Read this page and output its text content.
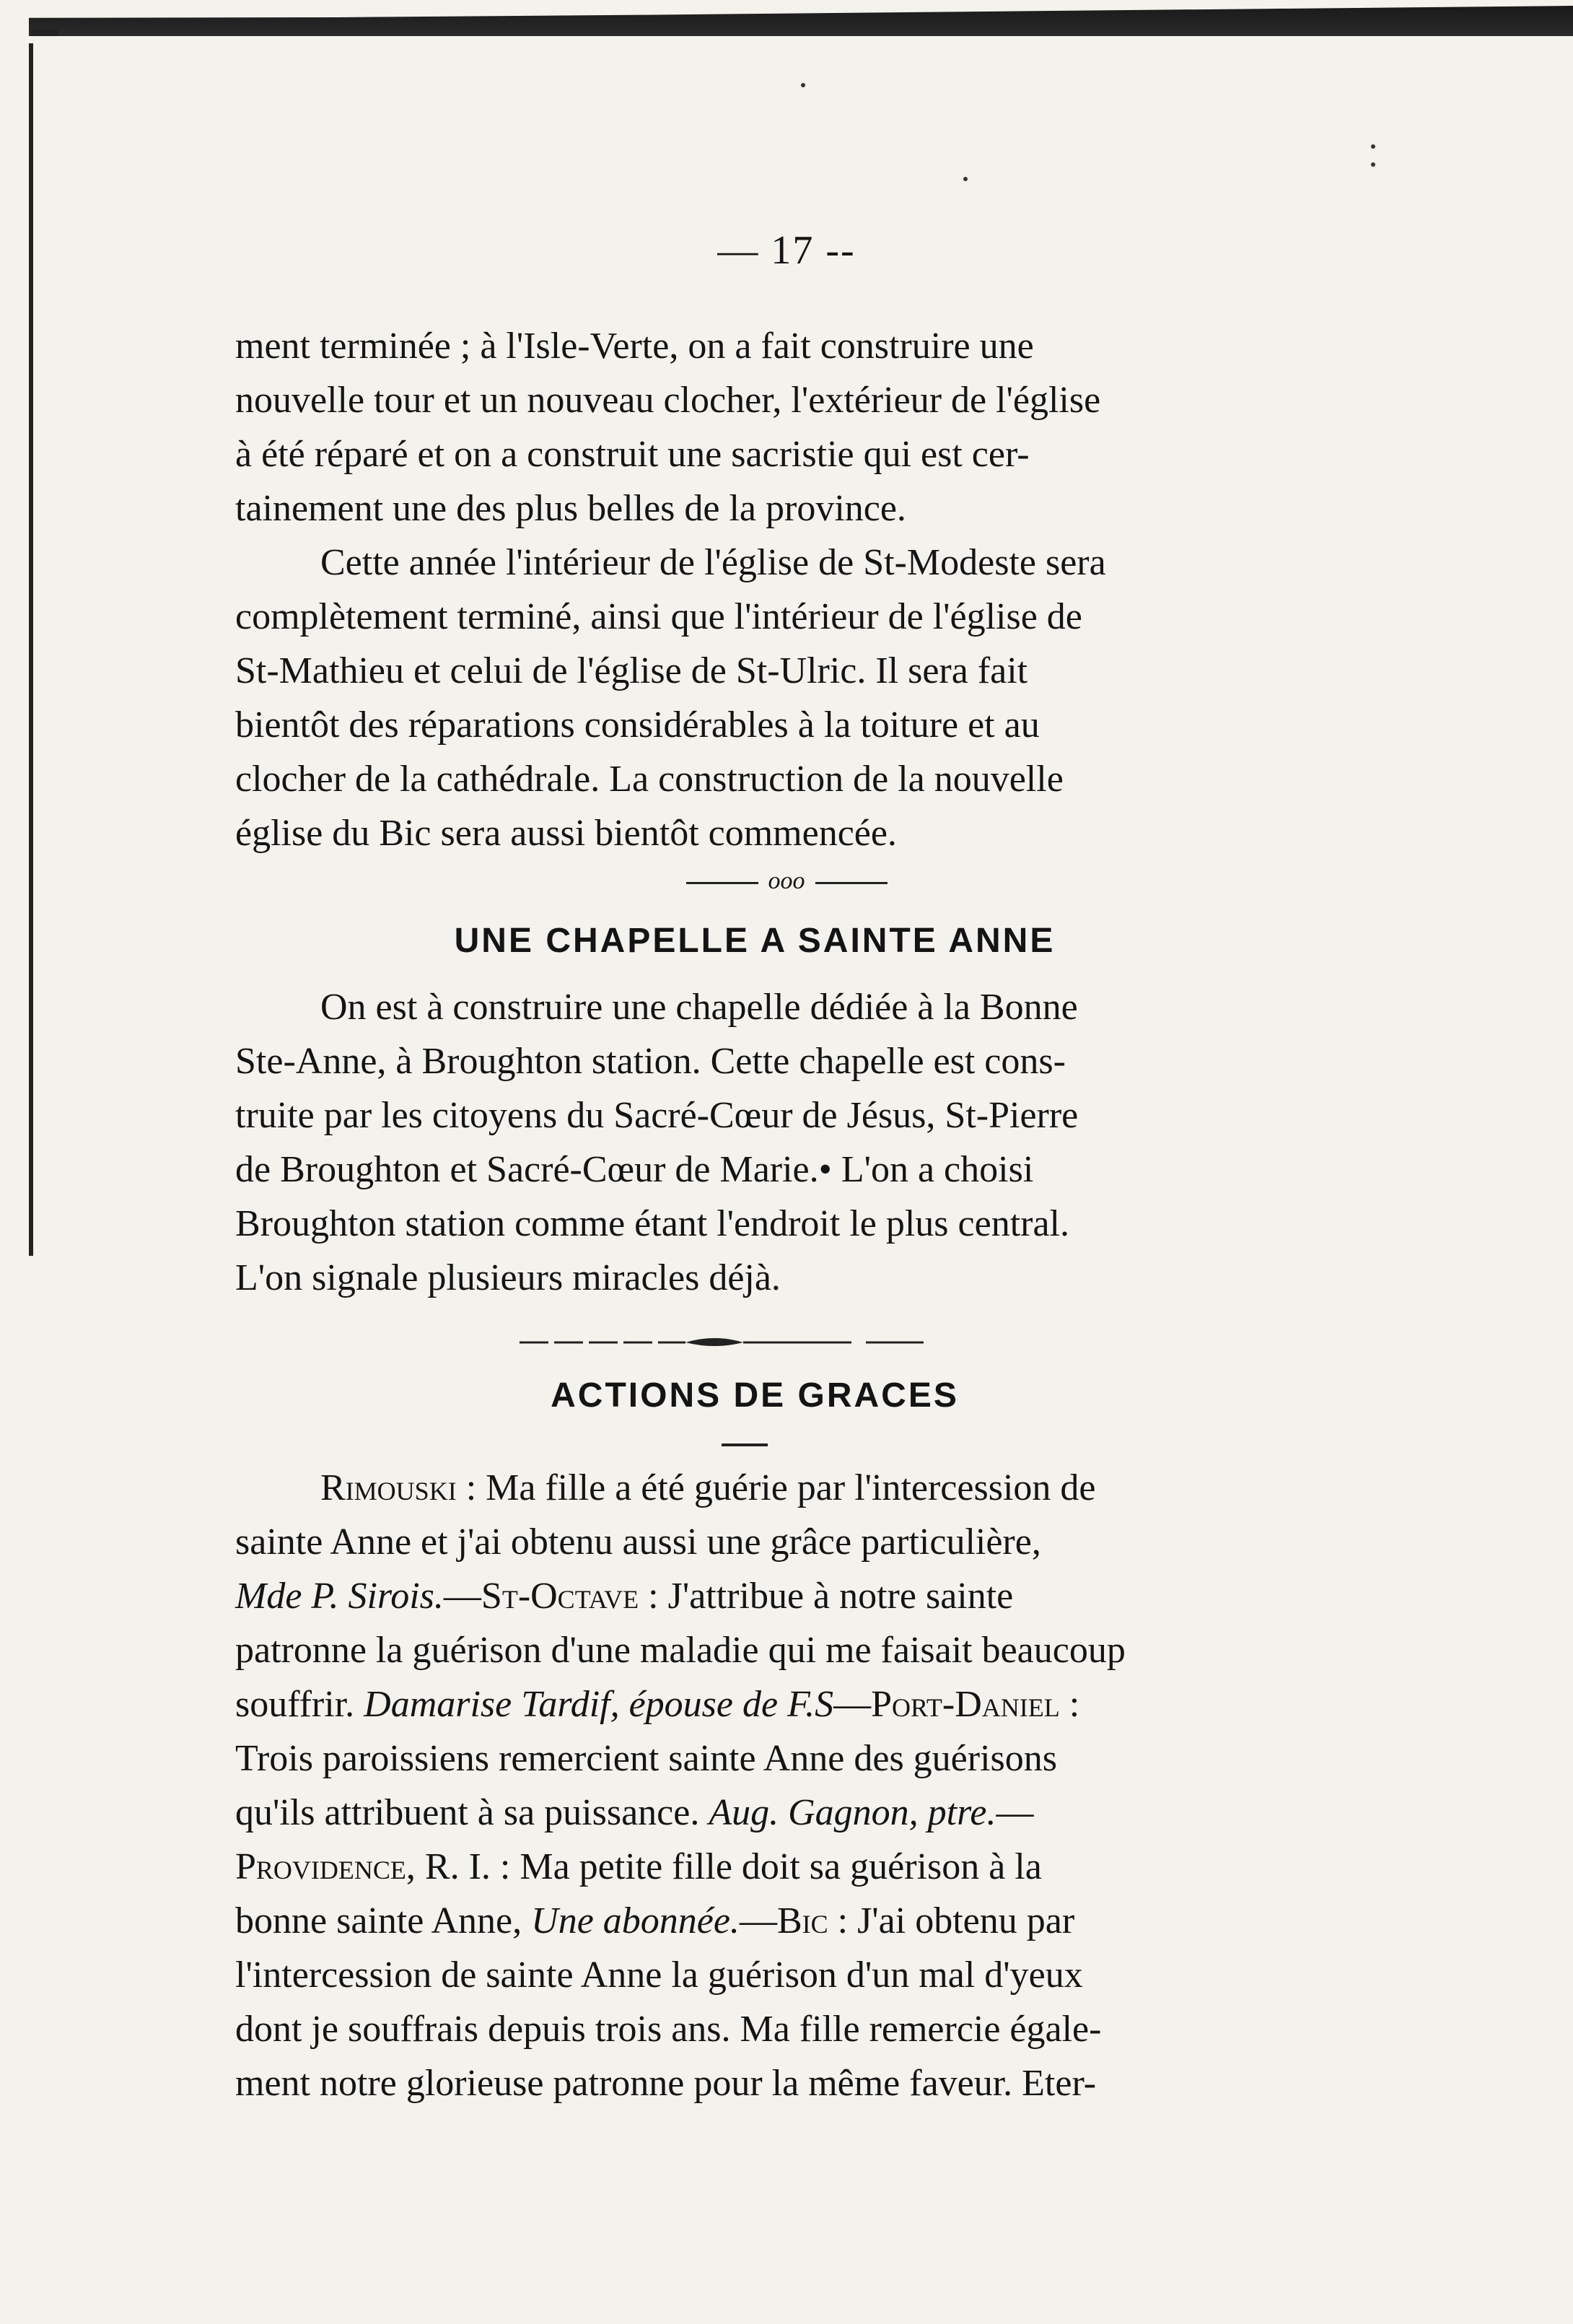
— 17 --

ment terminée ; à l'Isle-Verte, on a fait construire une

nouvelle tour et un nouveau clocher, l'extérieur de l'église

à été réparé et on a construit une sacristie qui est cer-

tainement une des plus belles de la province.

Cette année l'intérieur de l'église de St-Modeste sera

complètement terminé, ainsi que l'intérieur de l'église de

St-Mathieu et celui de l'église de St-Ulric. Il sera fait

bientôt des réparations considérables à la toiture et au

clocher de la cathédrale. La construction de la nouvelle

église du Bic sera aussi bientôt commencée.

ooo
UNE CHAPELLE A SAINTE ANNE

On est à construire une chapelle dédiée à la Bonne

Ste-Anne, à Broughton station. Cette chapelle est cons-

truite par les citoyens du Sacré-Cœur de Jésus, St-Pierre

de Broughton et Sacré-Cœur de Marie.• L'on a choisi

Broughton station comme étant l'endroit le plus central.

L'on signale plusieurs miracles déjà.

ACTIONS DE GRACES

Rimouski : Ma fille a été guérie par l'intercession de

sainte Anne et j'ai obtenu aussi une grâce particulière,

Mde P. Sirois.—St-Octave : J'attribue à notre sainte

patronne la guérison d'une maladie qui me faisait beaucoup

souffrir. Damarise Tardif, épouse de F.S—Port-Daniel :

Trois paroissiens remercient sainte Anne des guérisons

qu'ils attribuent à sa puissance. Aug. Gagnon, ptre.—

Providence, R. I. : Ma petite fille doit sa guérison à la

bonne sainte Anne, Une abonnée.—Bic : J'ai obtenu par

l'intercession de sainte Anne la guérison d'un mal d'yeux

dont je souffrais depuis trois ans. Ma fille remercie égale-

ment notre glorieuse patronne pour la même faveur. Eter-
